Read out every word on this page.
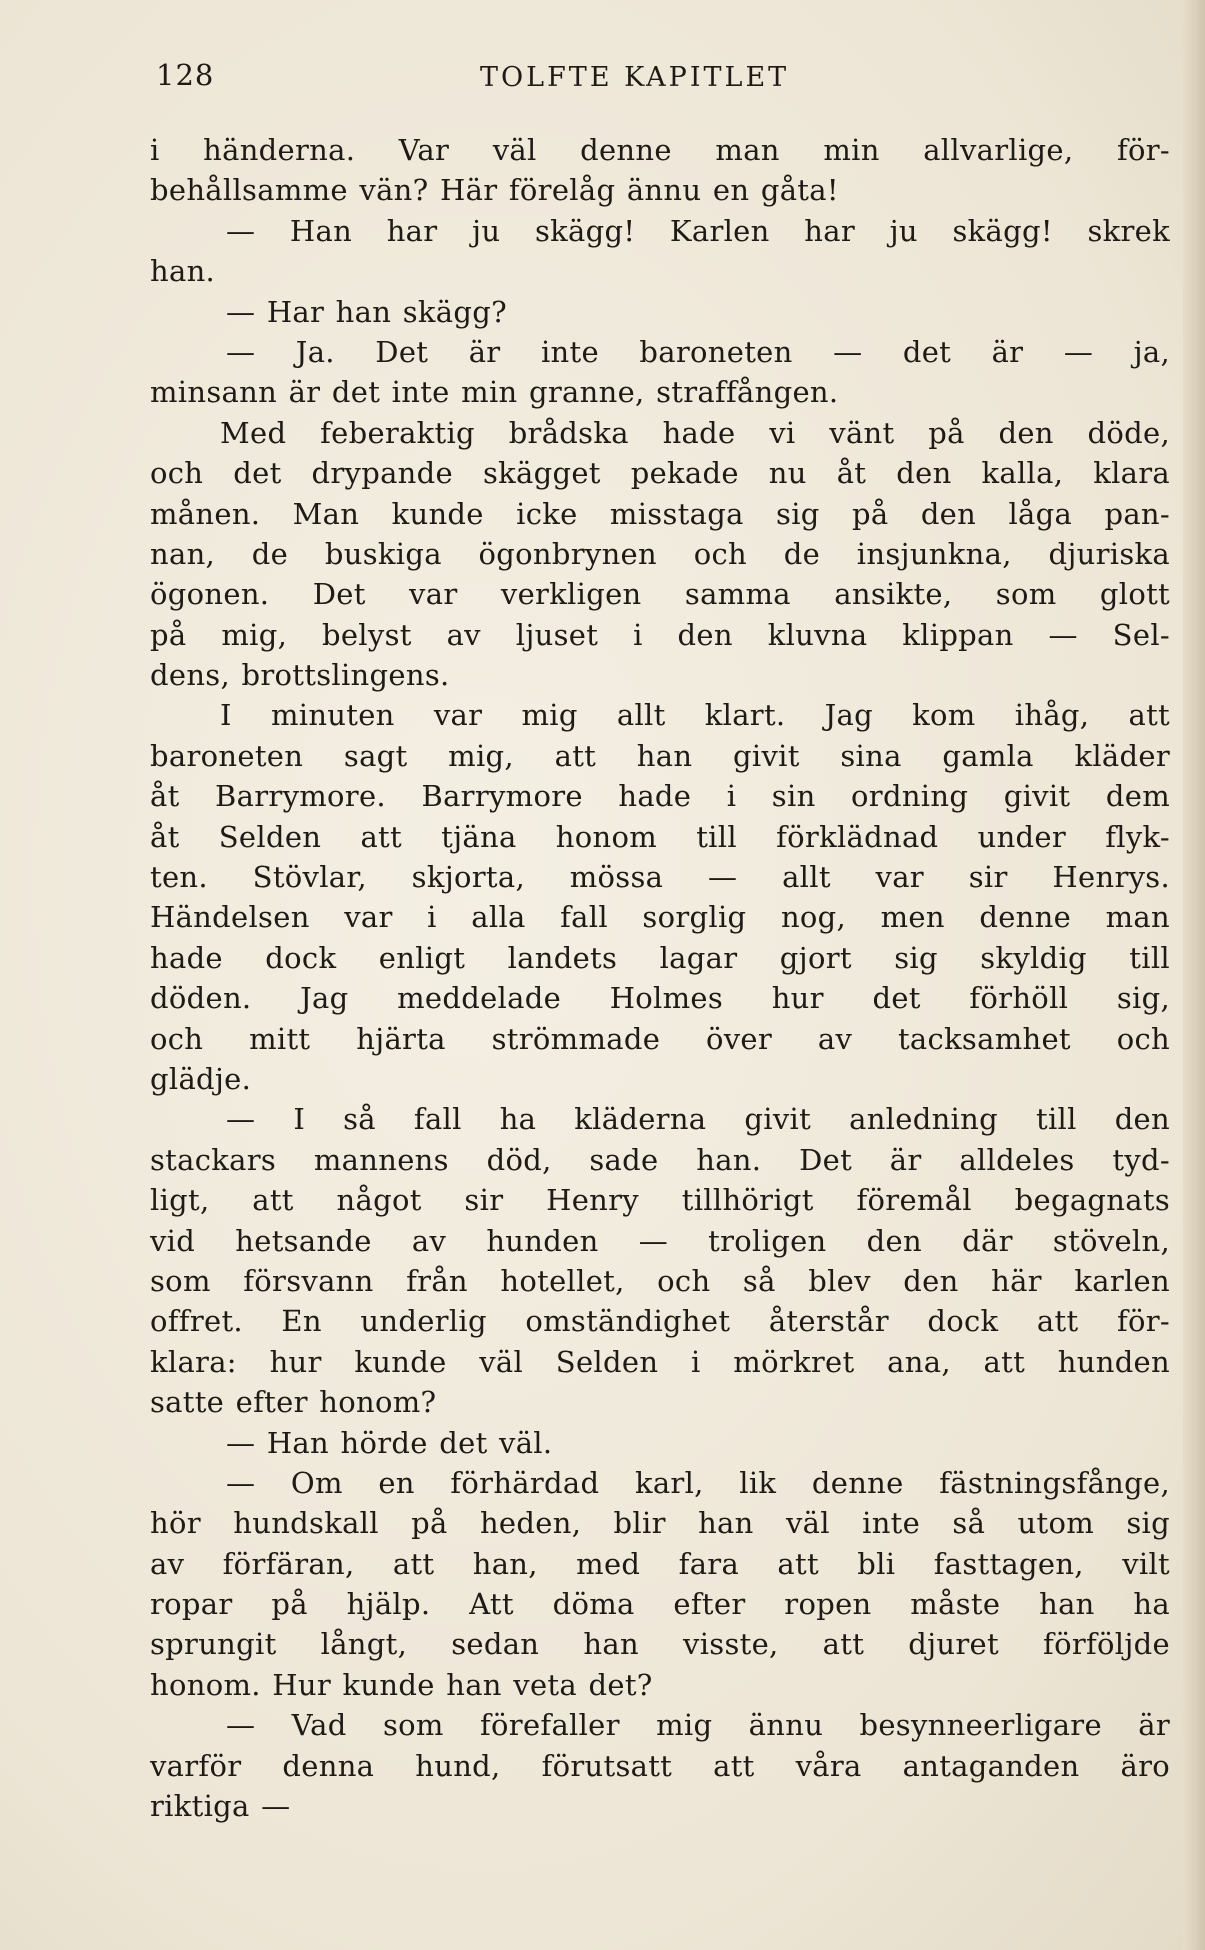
128	TOLFTE KAPITLET
i händerna. Var väl denne man min allvarlige, för-
behållsamme vän? Här förelåg ännu en gåta!
— Han har ju skägg! Karlen har ju skägg! skrek
han.
— Har han skägg?
— Ja. Det är inte baroneten — det är — ja,
minsann är det inte min granne, straffången.
Med feberaktig brådska hade vi vänt på den döde,
och det drypande skägget pekade nu åt den kalla, klara
månen. Man kunde icke misstaga sig på den låga pan-
nan, de buskiga ögonbrynen och de insjunkna, djuriska
ögonen. Det var verkligen samma ansikte, som glott
på mig, belyst av ljuset i den kluvna klippan — Sel-
dens, brottslingens.
I minuten var mig allt klart. Jag kom ihåg, att
baroneten sagt mig, att han givit sina gamla kläder
åt Barrymore. Barrymore hade i sin ordning givit dem
åt Selden att tjäna honom till förklädnad under flyk-
ten. Stövlar, skjorta, mössa — allt var sir Henrys.
Händelsen var i alla fall sorglig nog, men denne man
hade dock enligt landets lagar gjort sig skyldig till
döden. Jag meddelade Holmes hur det förhöll sig,
och mitt hjärta strömmade över av tacksamhet och
glädje.
— I så fall ha kläderna givit anledning till den
stackars mannens död, sade han. Det är alldeles tyd-
ligt, att något sir Henry tillhörigt föremål begagnats
vid hetsande av hunden — troligen den där stöveln,
som försvann från hotellet, och så blev den här karlen
offret. En underlig omständighet återstår dock att för-
klara: hur kunde väl Selden i mörkret ana, att hunden
satte efter honom?
— Han hörde det väl.
— Om en förhärdad karl, lik denne fästningsfånge,
hör hundskall på heden, blir han väl inte så utom sig
av förfäran, att han, med fara att bli fasttagen, vilt
ropar på hjälp. Att döma efter ropen måste han ha
sprungit långt, sedan han visste, att djuret förföljde
honom. Hur kunde han veta det?
— Vad som förefaller mig ännu besynneerligare är
varför denna hund, förutsatt att våra antaganden äro
riktiga —
